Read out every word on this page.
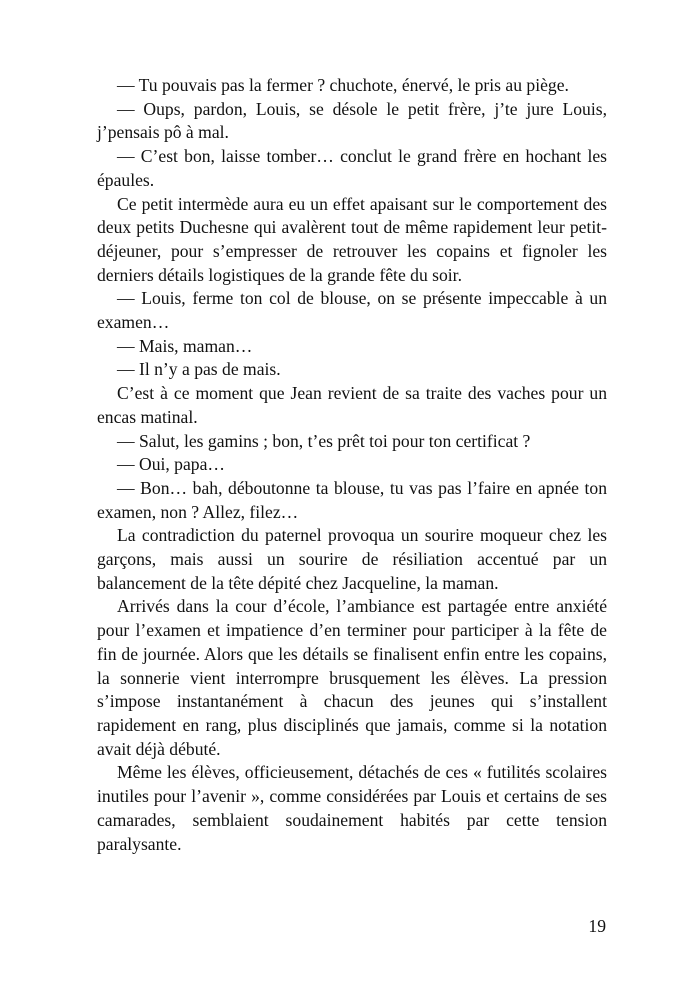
— Tu pouvais pas la fermer ? chuchote, énervé, le pris au piège.

— Oups, pardon, Louis, se désole le petit frère, j’te jure Louis, j’pensais pô à mal.

— C’est bon, laisse tomber… conclut le grand frère en hochant les épaules.

Ce petit intermède aura eu un effet apaisant sur le comportement des deux petits Duchesne qui avalèrent tout de même rapidement leur petit-déjeuner, pour s’empresser de retrouver les copains et fignoler les derniers détails logistiques de la grande fête du soir.

— Louis, ferme ton col de blouse, on se présente impeccable à un examen…

— Mais, maman…

— Il n’y a pas de mais.

C’est à ce moment que Jean revient de sa traite des vaches pour un encas matinal.

— Salut, les gamins ; bon, t’es prêt toi pour ton certificat ?

— Oui, papa…

— Bon… bah, déboutonne ta blouse, tu vas pas l’faire en apnée ton examen, non ? Allez, filez…

La contradiction du paternel provoqua un sourire moqueur chez les garçons, mais aussi un sourire de résiliation accentué par un balancement de la tête dépité chez Jacqueline, la maman.

Arrivés dans la cour d’école, l’ambiance est partagée entre anxiété pour l’examen et impatience d’en terminer pour participer à la fête de fin de journée. Alors que les détails se finalisent enfin entre les copains, la sonnerie vient interrompre brusquement les élèves. La pression s’impose instantanément à chacun des jeunes qui s’installent rapidement en rang, plus disciplinés que jamais, comme si la notation avait déjà débuté.

Même les élèves, officieusement, détachés de ces « futilités scolaires inutiles pour l’avenir », comme considérées par Louis et certains de ses camarades, semblaient soudainement habités par cette tension paralysante.

19
